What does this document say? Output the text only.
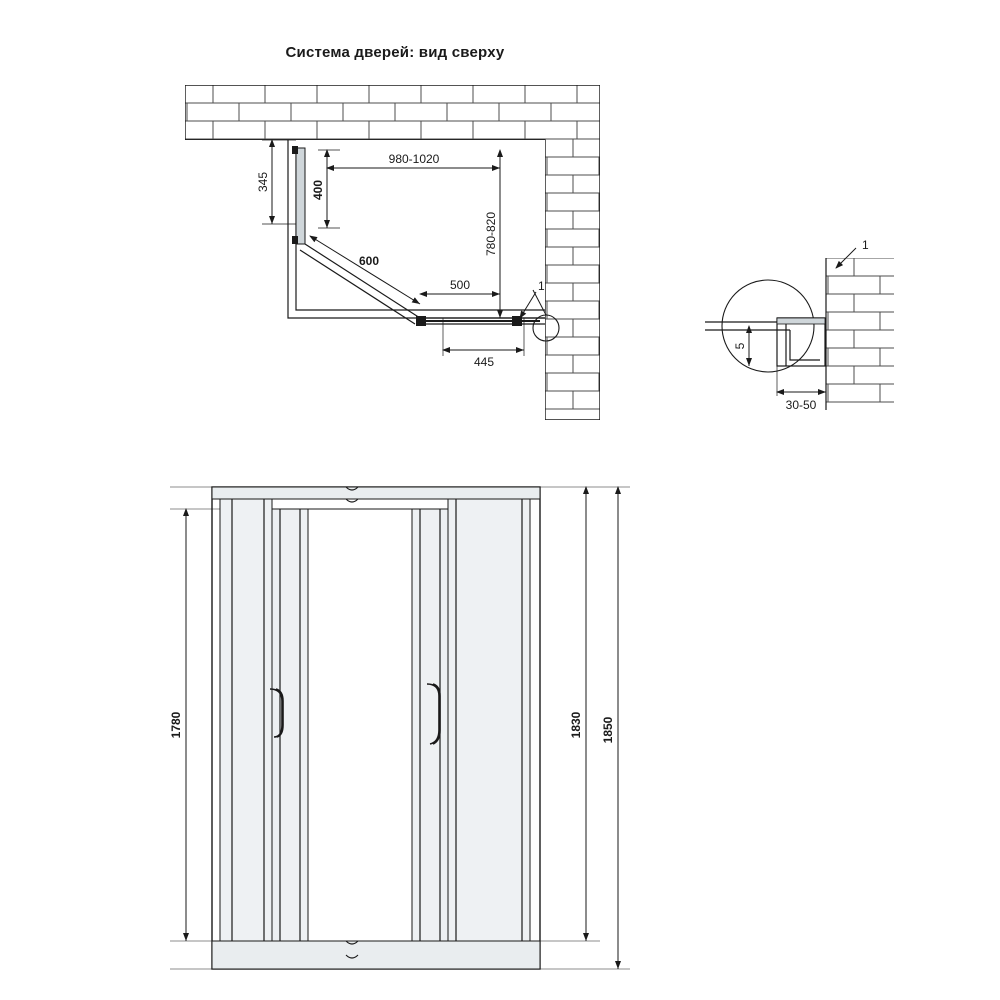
Система дверей: вид сверху
345	400
980-1020
780-820
600
500	1
445
1
5
30-50
1780	1830 1850
